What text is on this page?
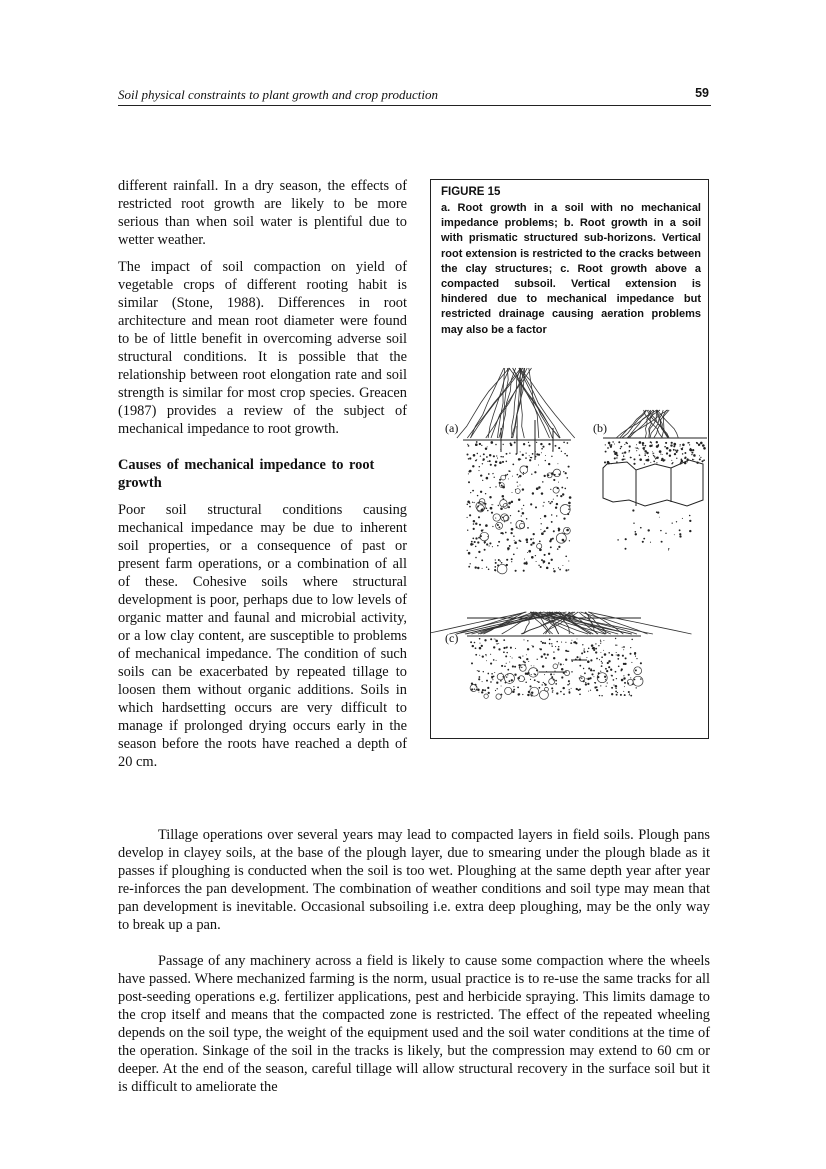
Soil physical constraints to plant growth and crop production	59

different rainfall. In a dry season, the effects of restricted root growth are likely to be more serious than when soil water is plentiful due to wetter weather.

The impact of soil compaction on yield of vegetable crops of different rooting habit is similar (Stone, 1988). Differences in root architecture and mean root diameter were found to be of little benefit in overcoming adverse soil structural conditions. It is possible that the relationship between root elongation rate and soil strength is similar for most crop species. Greacen (1987) provides a review of the subject of mechanical impedance to root growth.

Causes of mechanical impedance to root growth

Poor soil structural conditions causing mechanical impedance may be due to inherent soil properties, or a consequence of past or present farm operations, or a combination of all of these. Cohesive soils where structural development is poor, perhaps due to low levels of organic matter and faunal and microbial activity, or a low clay content, are susceptible to problems of mechanical impedance. The condition of such soils can be exacerbated by repeated tillage to loosen them without organic additions. Soils in which hardsetting occurs are very difficult to manage if prolonged drying occurs early in the season before the roots have reached a depth of 20 cm.

FIGURE 15
a. Root growth in a soil with no mechanical impedance problems; b. Root growth in a soil with prismatic structured sub-horizons. Vertical root extension is restricted to the cracks between the clay structures; c. Root growth above a compacted subsoil. Vertical extension is hindered due to mechanical impedance but restricted drainage causing aeration problems may also be a factor
(a)	(b)
(c)

Tillage operations over several years may lead to compacted layers in field soils. Plough pans develop in clayey soils, at the base of the plough layer, due to smearing under the plough blade as it passes if ploughing is conducted when the soil is too wet. Ploughing at the same depth year after year re-inforces the pan development. The combination of weather conditions and soil type may mean that pan development is inevitable. Occasional subsoiling i.e. extra deep ploughing, may be the only way to break up a pan.

Passage of any machinery across a field is likely to cause some compaction where the wheels have passed. Where mechanized farming is the norm, usual practice is to re-use the same tracks for all post-seeding operations e.g. fertilizer applications, pest and herbicide spraying. This limits damage to the crop itself and means that the compacted zone is restricted. The effect of the repeated wheeling depends on the soil type, the weight of the equipment used and the soil water conditions at the time of the operation. Sinkage of the soil in the tracks is likely, but the compression may extend to 60 cm or deeper. At the end of the season, careful tillage will allow structural recovery in the surface soil but it is difficult to ameliorate the
